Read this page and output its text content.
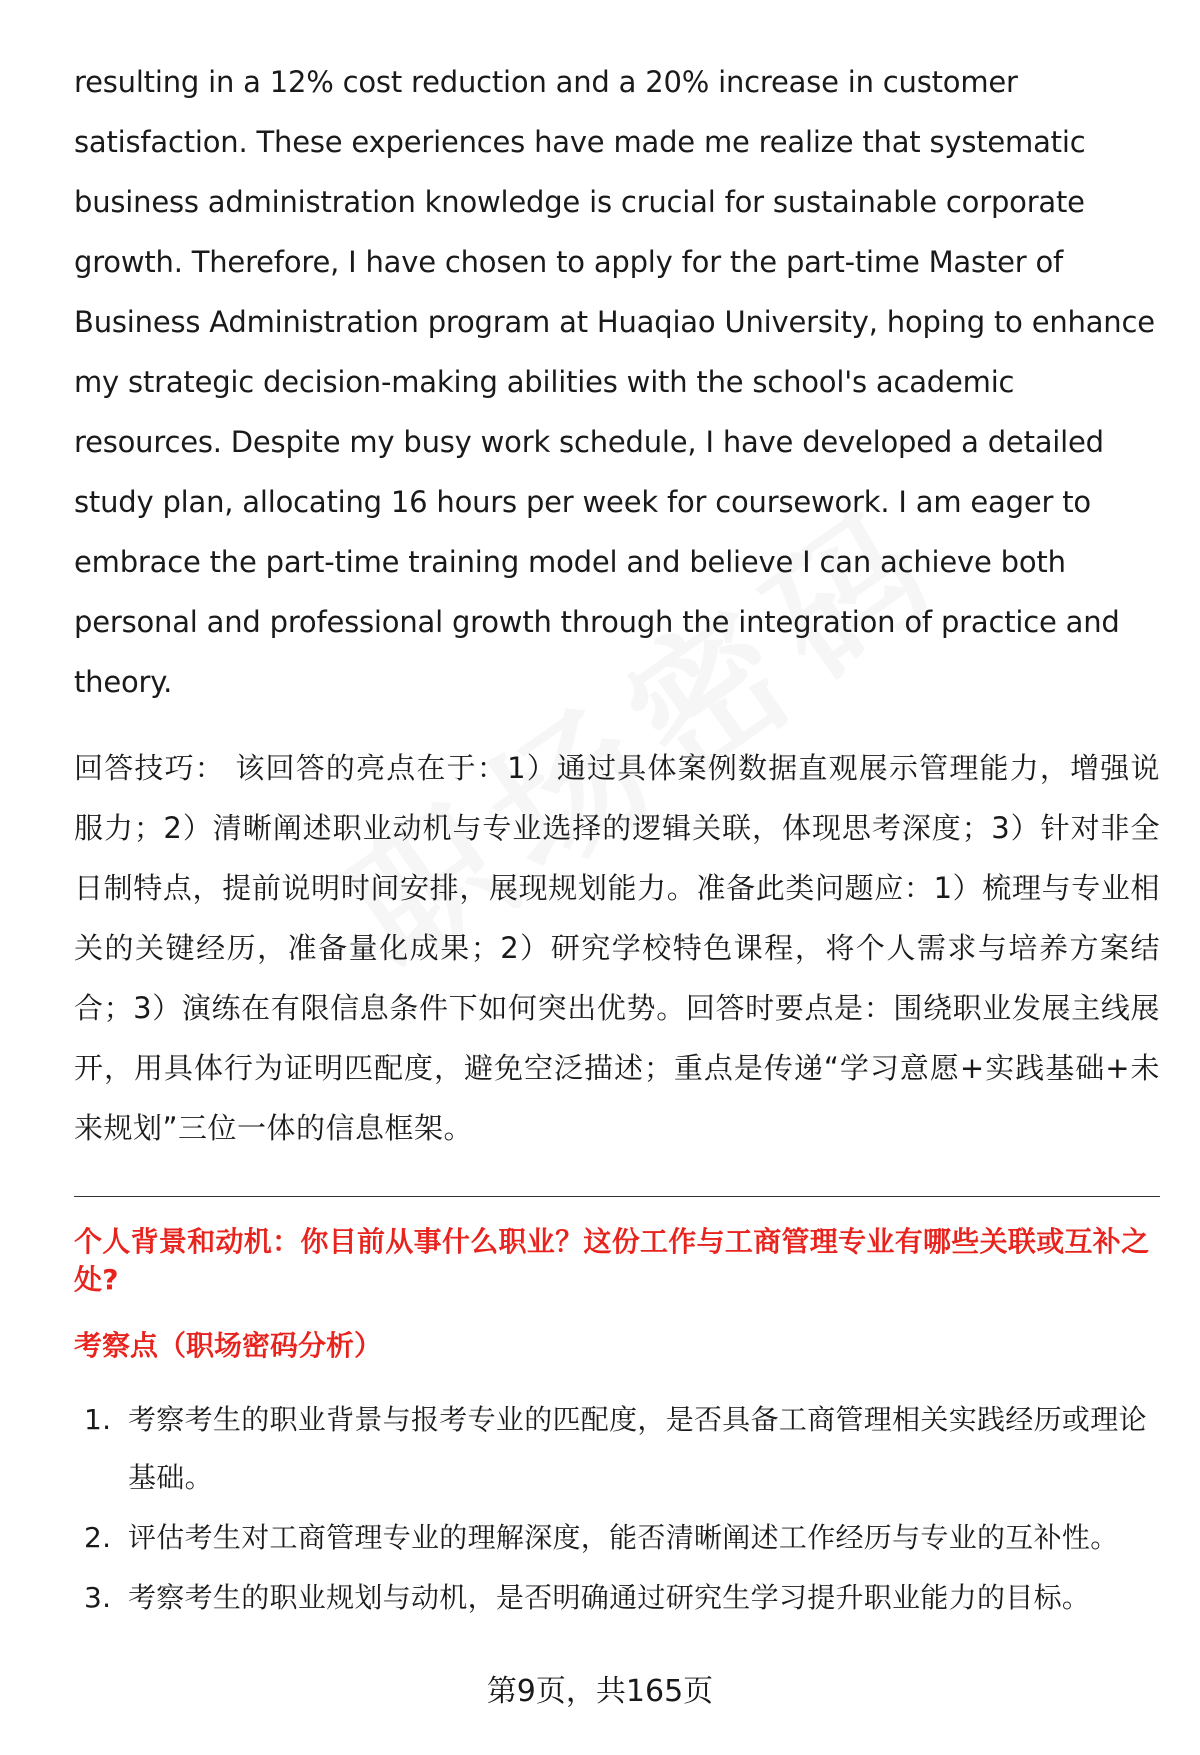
resulting in a 12% cost reduction and a 20% increase in customer satisfaction. These experiences have made me realize that systematic business administration knowledge is crucial for sustainable corporate growth. Therefore, I have chosen to apply for the part-time Master of Business Administration program at Huaqiao University, hoping to enhance my strategic decision-making abilities with the school's academic resources. Despite my busy work schedule, I have developed a detailed study plan, allocating 16 hours per week for coursework. I am eager to embrace the part-time training model and believe I can achieve both personal and professional growth through the integration of practice and theory.

回答技巧： 该回答的亮点在于：1）通过具体案例数据直观展示管理能力，增强说服力；2）清晰阐述职业动机与专业选择的逻辑关联，体现思考深度；3）针对非全日制特点，提前说明时间安排，展现规划能力。准备此类问题应：1）梳理与专业相关的关键经历，准备量化成果；2）研究学校特色课程，将个人需求与培养方案结合；3）演练在有限信息条件下如何突出优势。回答时要点是：围绕职业发展主线展开，用具体行为证明匹配度，避免空泛描述；重点是传递“学习意愿+实践基础+未来规划”三位一体的信息框架。

个人背景和动机：你目前从事什么职业？这份工作与工商管理专业有哪些关联或互补之处?
考察点（职场密码分析）
1. 考察考生的职业背景与报考专业的匹配度，是否具备工商管理相关实践经历或理论基础。
2. 评估考生对工商管理专业的理解深度，能否清晰阐述工作经历与专业的互补性。
3. 考察考生的职业规划与动机，是否明确通过研究生学习提升职业能力的目标。
第9页，共165页
